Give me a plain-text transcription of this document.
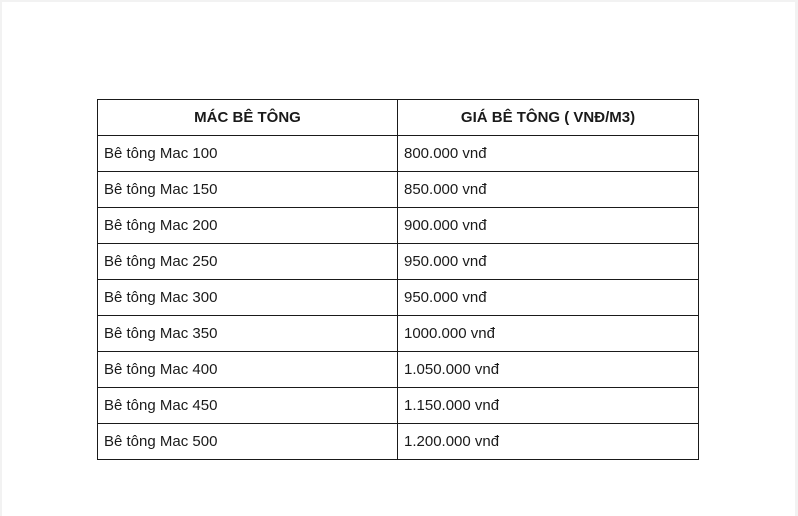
MÁC BÊ TÔNG	GIÁ BÊ TÔNG ( VNĐ/M3)
Bê tông Mac 100	800.000 vnđ
Bê tông Mac 150	850.000 vnđ
Bê tông Mac 200	900.000 vnđ
Bê tông Mac 250	950.000 vnđ
Bê tông Mac 300	950.000 vnđ
Bê tông Mac 350	1000.000 vnđ
Bê tông Mac 400	1.050.000 vnđ
Bê tông Mac 450	1.150.000 vnđ
Bê tông Mac 500	1.200.000 vnđ
